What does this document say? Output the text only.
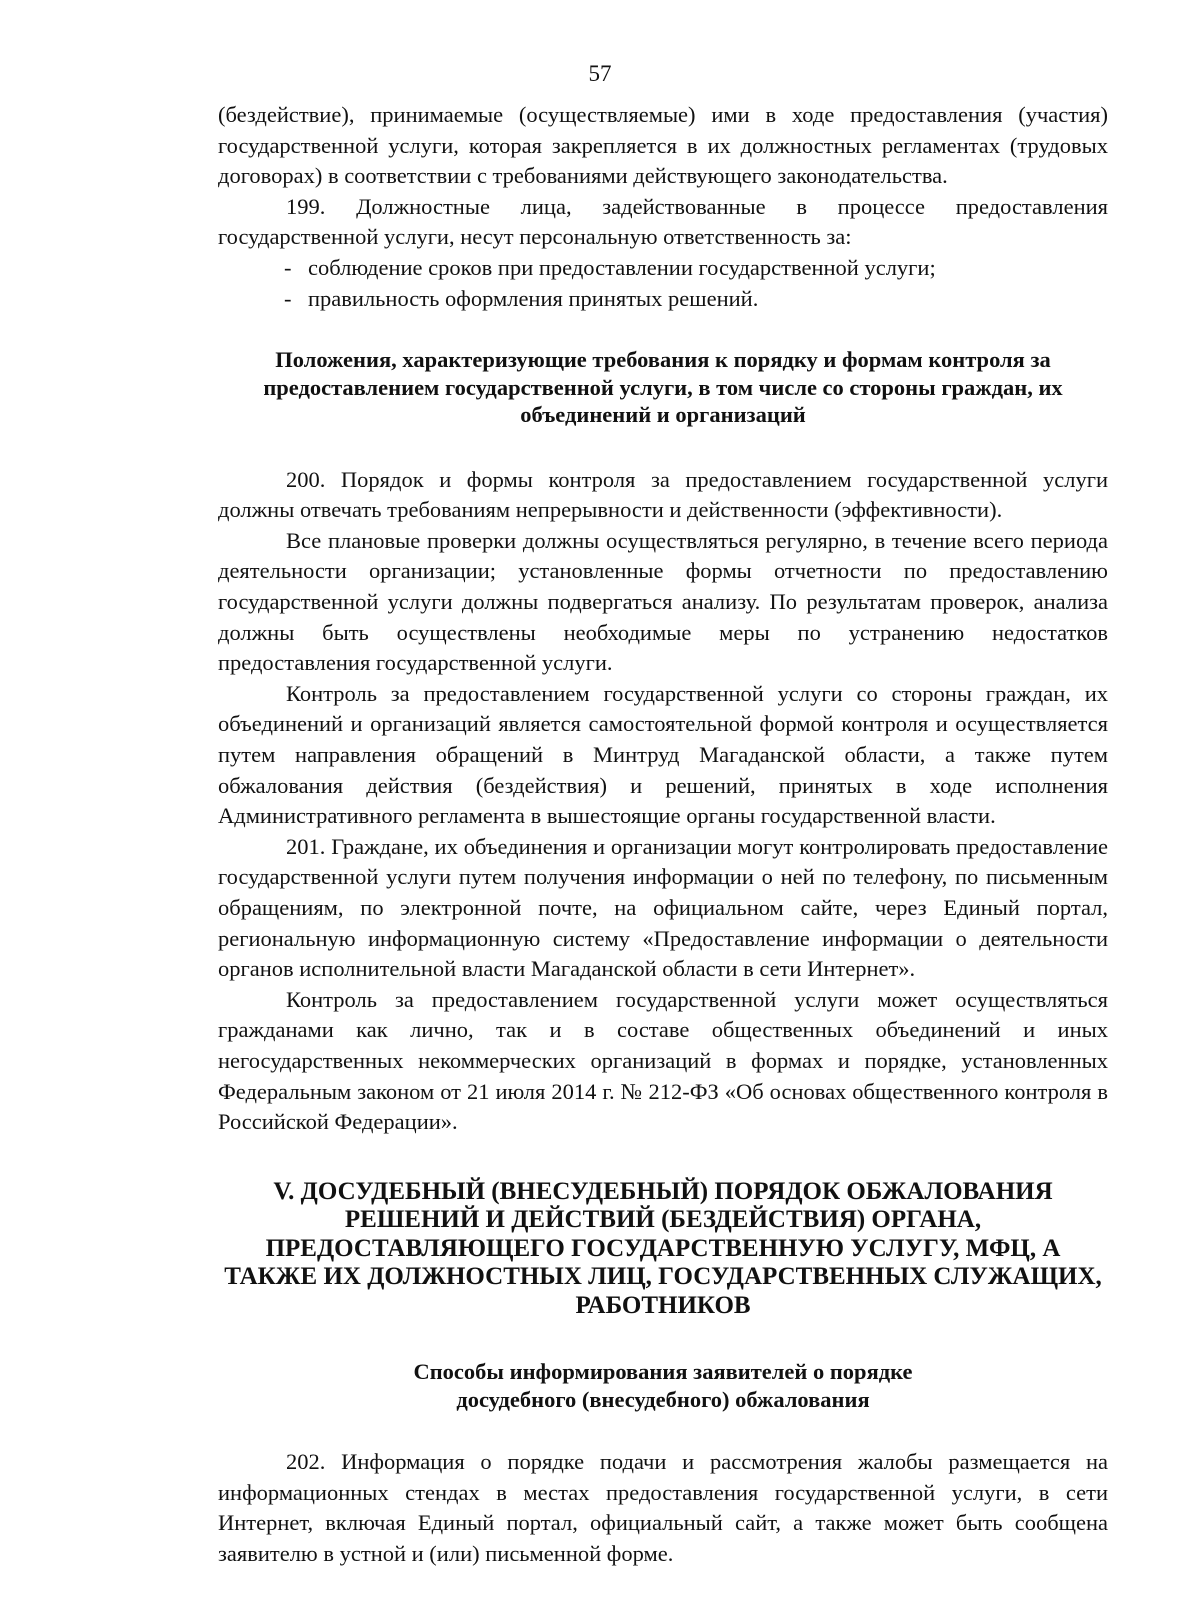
57

(бездействие), принимаемые (осуществляемые) ими в ходе предоставления (участия) государственной услуги, которая закрепляется в их должностных регламентах (трудовых договорах) в соответствии с требованиями действующего законодательства.

199. Должностные лица, задействованные в процессе предоставления государственной услуги, несут персональную ответственность за:

- соблюдение сроков при предоставлении государственной услуги;
- правильность оформления принятых решений.

Положения, характеризующие требования к порядку и формам контроля за предоставлением государственной услуги, в том числе со стороны граждан, их объединений и организаций

200. Порядок и формы контроля за предоставлением государственной услуги должны отвечать требованиям непрерывности и действенности (эффективности).

Все плановые проверки должны осуществляться регулярно, в течение всего периода деятельности организации; установленные формы отчетности по предоставлению государственной услуги должны подвергаться анализу. По результатам проверок, анализа должны быть осуществлены необходимые меры по устранению недостатков предоставления государственной услуги.

Контроль за предоставлением государственной услуги со стороны граждан, их объединений и организаций является самостоятельной формой контроля и осуществляется путем направления обращений в Минтруд Магаданской области, а также путем обжалования действия (бездействия) и решений, принятых в ходе исполнения Административного регламента в вышестоящие органы государственной власти.

201. Граждане, их объединения и организации могут контролировать предоставление государственной услуги путем получения информации о ней по телефону, по письменным обращениям, по электронной почте, на официальном сайте, через Единый портал, региональную информационную систему «Предоставление информации о деятельности органов исполнительной власти Магаданской области в сети Интернет».

Контроль за предоставлением государственной услуги может осуществляться гражданами как лично, так и в составе общественных объединений и иных негосударственных некоммерческих организаций в формах и порядке, установленных Федеральным законом от 21 июля 2014 г. № 212-ФЗ «Об основах общественного контроля в Российской Федерации».

V. ДОСУДЕБНЫЙ (ВНЕСУДЕБНЫЙ) ПОРЯДОК ОБЖАЛОВАНИЯ РЕШЕНИЙ И ДЕЙСТВИЙ (БЕЗДЕЙСТВИЯ) ОРГАНА, ПРЕДОСТАВЛЯЮЩЕГО ГОСУДАРСТВЕННУЮ УСЛУГУ, МФЦ, А ТАКЖЕ ИХ ДОЛЖНОСТНЫХ ЛИЦ, ГОСУДАРСТВЕННЫХ СЛУЖАЩИХ, РАБОТНИКОВ

Способы информирования заявителей о порядке досудебного (внесудебного) обжалования

202. Информация о порядке подачи и рассмотрения жалобы размещается на информационных стендах в местах предоставления государственной услуги, в сети Интернет, включая Единый портал, официальный сайт, а также может быть сообщена заявителю в устной и (или) письменной форме.
